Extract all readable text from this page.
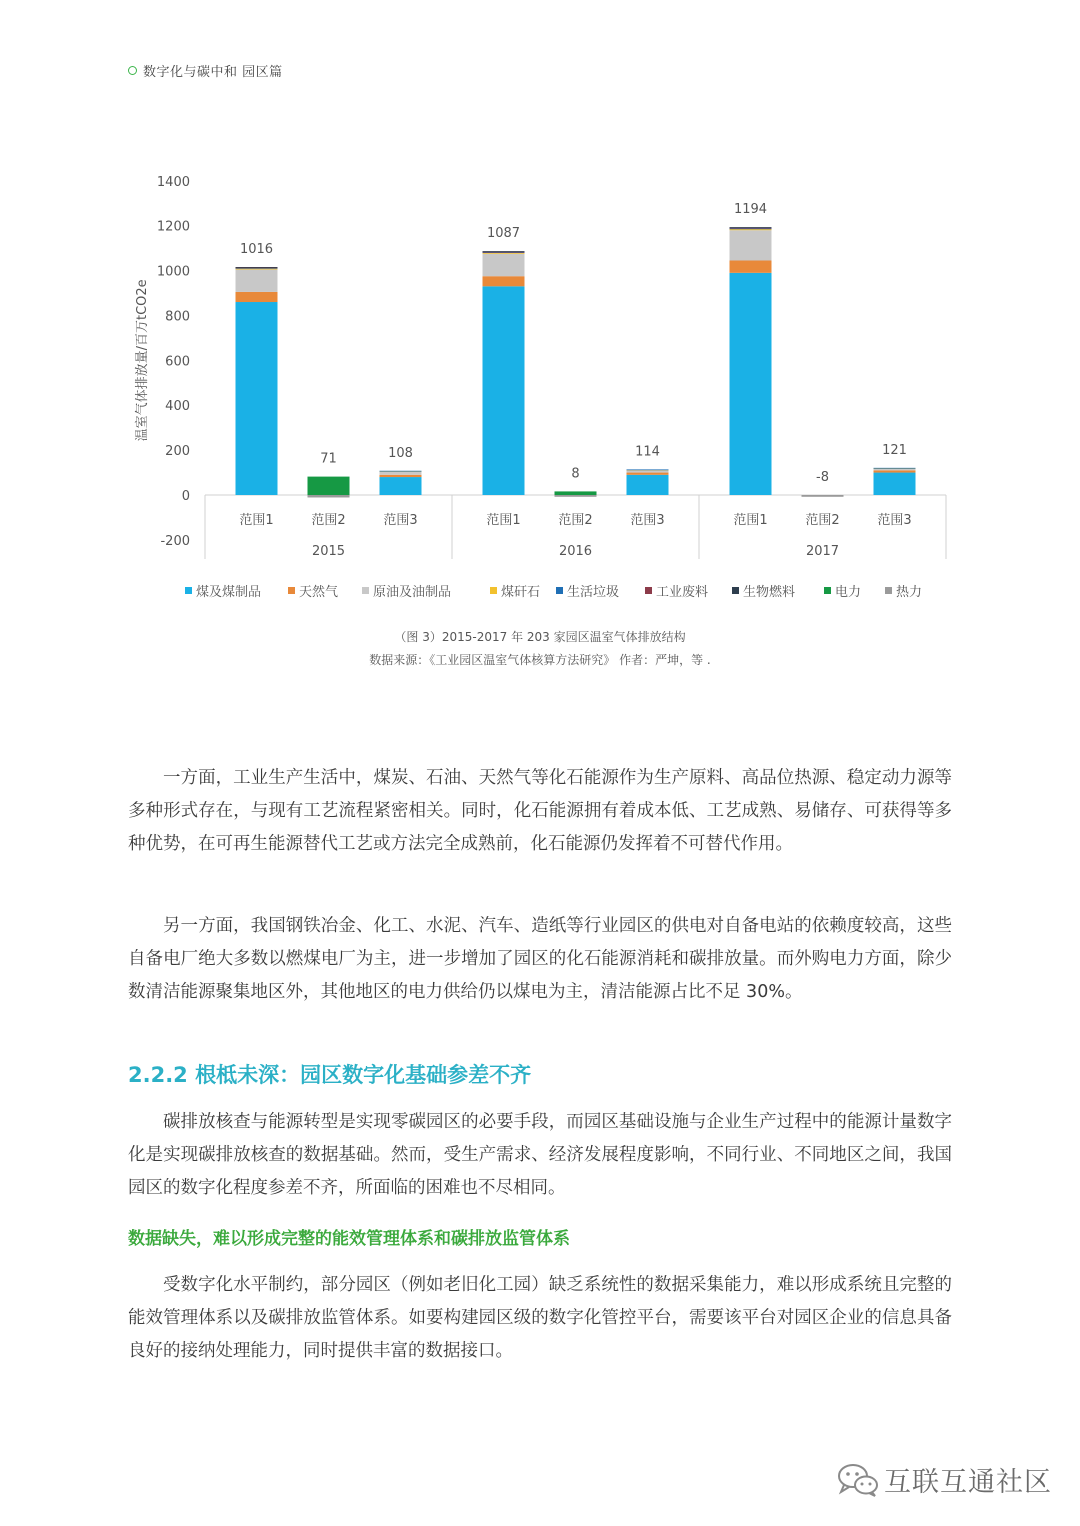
数字化与碳中和 园区篇
温室气体排放量/百万tCO2e
1400
1200
1000
800
600
400
200
0
-200
1016
范围1
71
范围2
108
范围3
2015
1087
范围1
8
范围2
114
范围3
2016
1194
范围1
-8
范围2
121
范围3
2017
煤及煤制品	天然气	原油及油制品	煤矸石 生活垃圾	工业废料	生物燃料	电力	热力
（图 3）2015-2017 年 203 家园区温室气体排放结构
数据来源：《工业园区温室气体核算方法研究》 作者：严坤，等 .

一方面，工业生产生活中，煤炭、石油、天然气等化石能源作为生产原料、高品位热源、稳定动力源等多种形式存在，与现有工艺流程紧密相关。同时，化石能源拥有着成本低、工艺成熟、易储存、可获得等多种优势，在可再生能源替代工艺或方法完全成熟前，化石能源仍发挥着不可替代作用。

另一方面，我国钢铁冶金、化工、水泥、汽车、造纸等行业园区的供电对自备电站的依赖度较高，这些自备电厂绝大多数以燃煤电厂为主，进一步增加了园区的化石能源消耗和碳排放量。而外购电力方面，除少数清洁能源聚集地区外，其他地区的电力供给仍以煤电为主，清洁能源占比不足 30%。

2.2.2 根柢未深：园区数字化基础参差不齐

碳排放核查与能源转型是实现零碳园区的必要手段，而园区基础设施与企业生产过程中的能源计量数字化是实现碳排放核查的数据基础。然而，受生产需求、经济发展程度影响，不同行业、不同地区之间，我国园区的数字化程度参差不齐，所面临的困难也不尽相同。

数据缺失，难以形成完整的能效管理体系和碳排放监管体系

受数字化水平制约，部分园区（例如老旧化工园）缺乏系统性的数据采集能力，难以形成系统且完整的能效管理体系以及碳排放监管体系。如要构建园区级的数字化管控平台，需要该平台对园区企业的信息具备良好的接纳处理能力，同时提供丰富的数据接口。

互联互通社区
